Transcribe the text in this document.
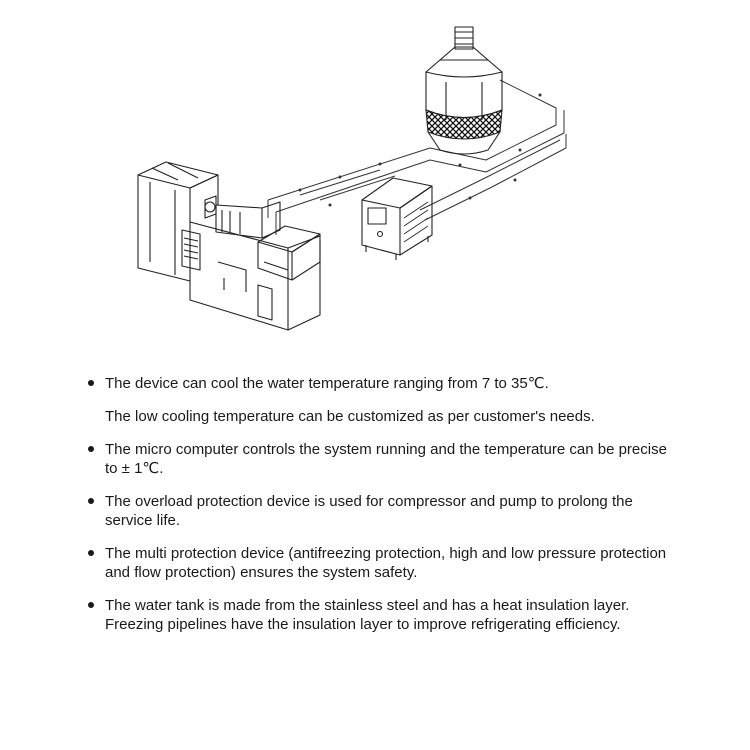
The device can cool the water temperature ranging from 7 to 35℃.
The low cooling temperature can be customized as per customer's needs.
The micro computer controls the system running and the temperature can be precise to ± 1℃.
The overload protection device is used for compressor and pump to prolong the service life.
The multi protection device (antifreezing protection, high and low pressure protection and flow protection) ensures the system safety.
The water tank is made from the stainless steel and has a heat insulation layer. Freezing pipelines have the insulation layer to improve refrigerating efficiency.
